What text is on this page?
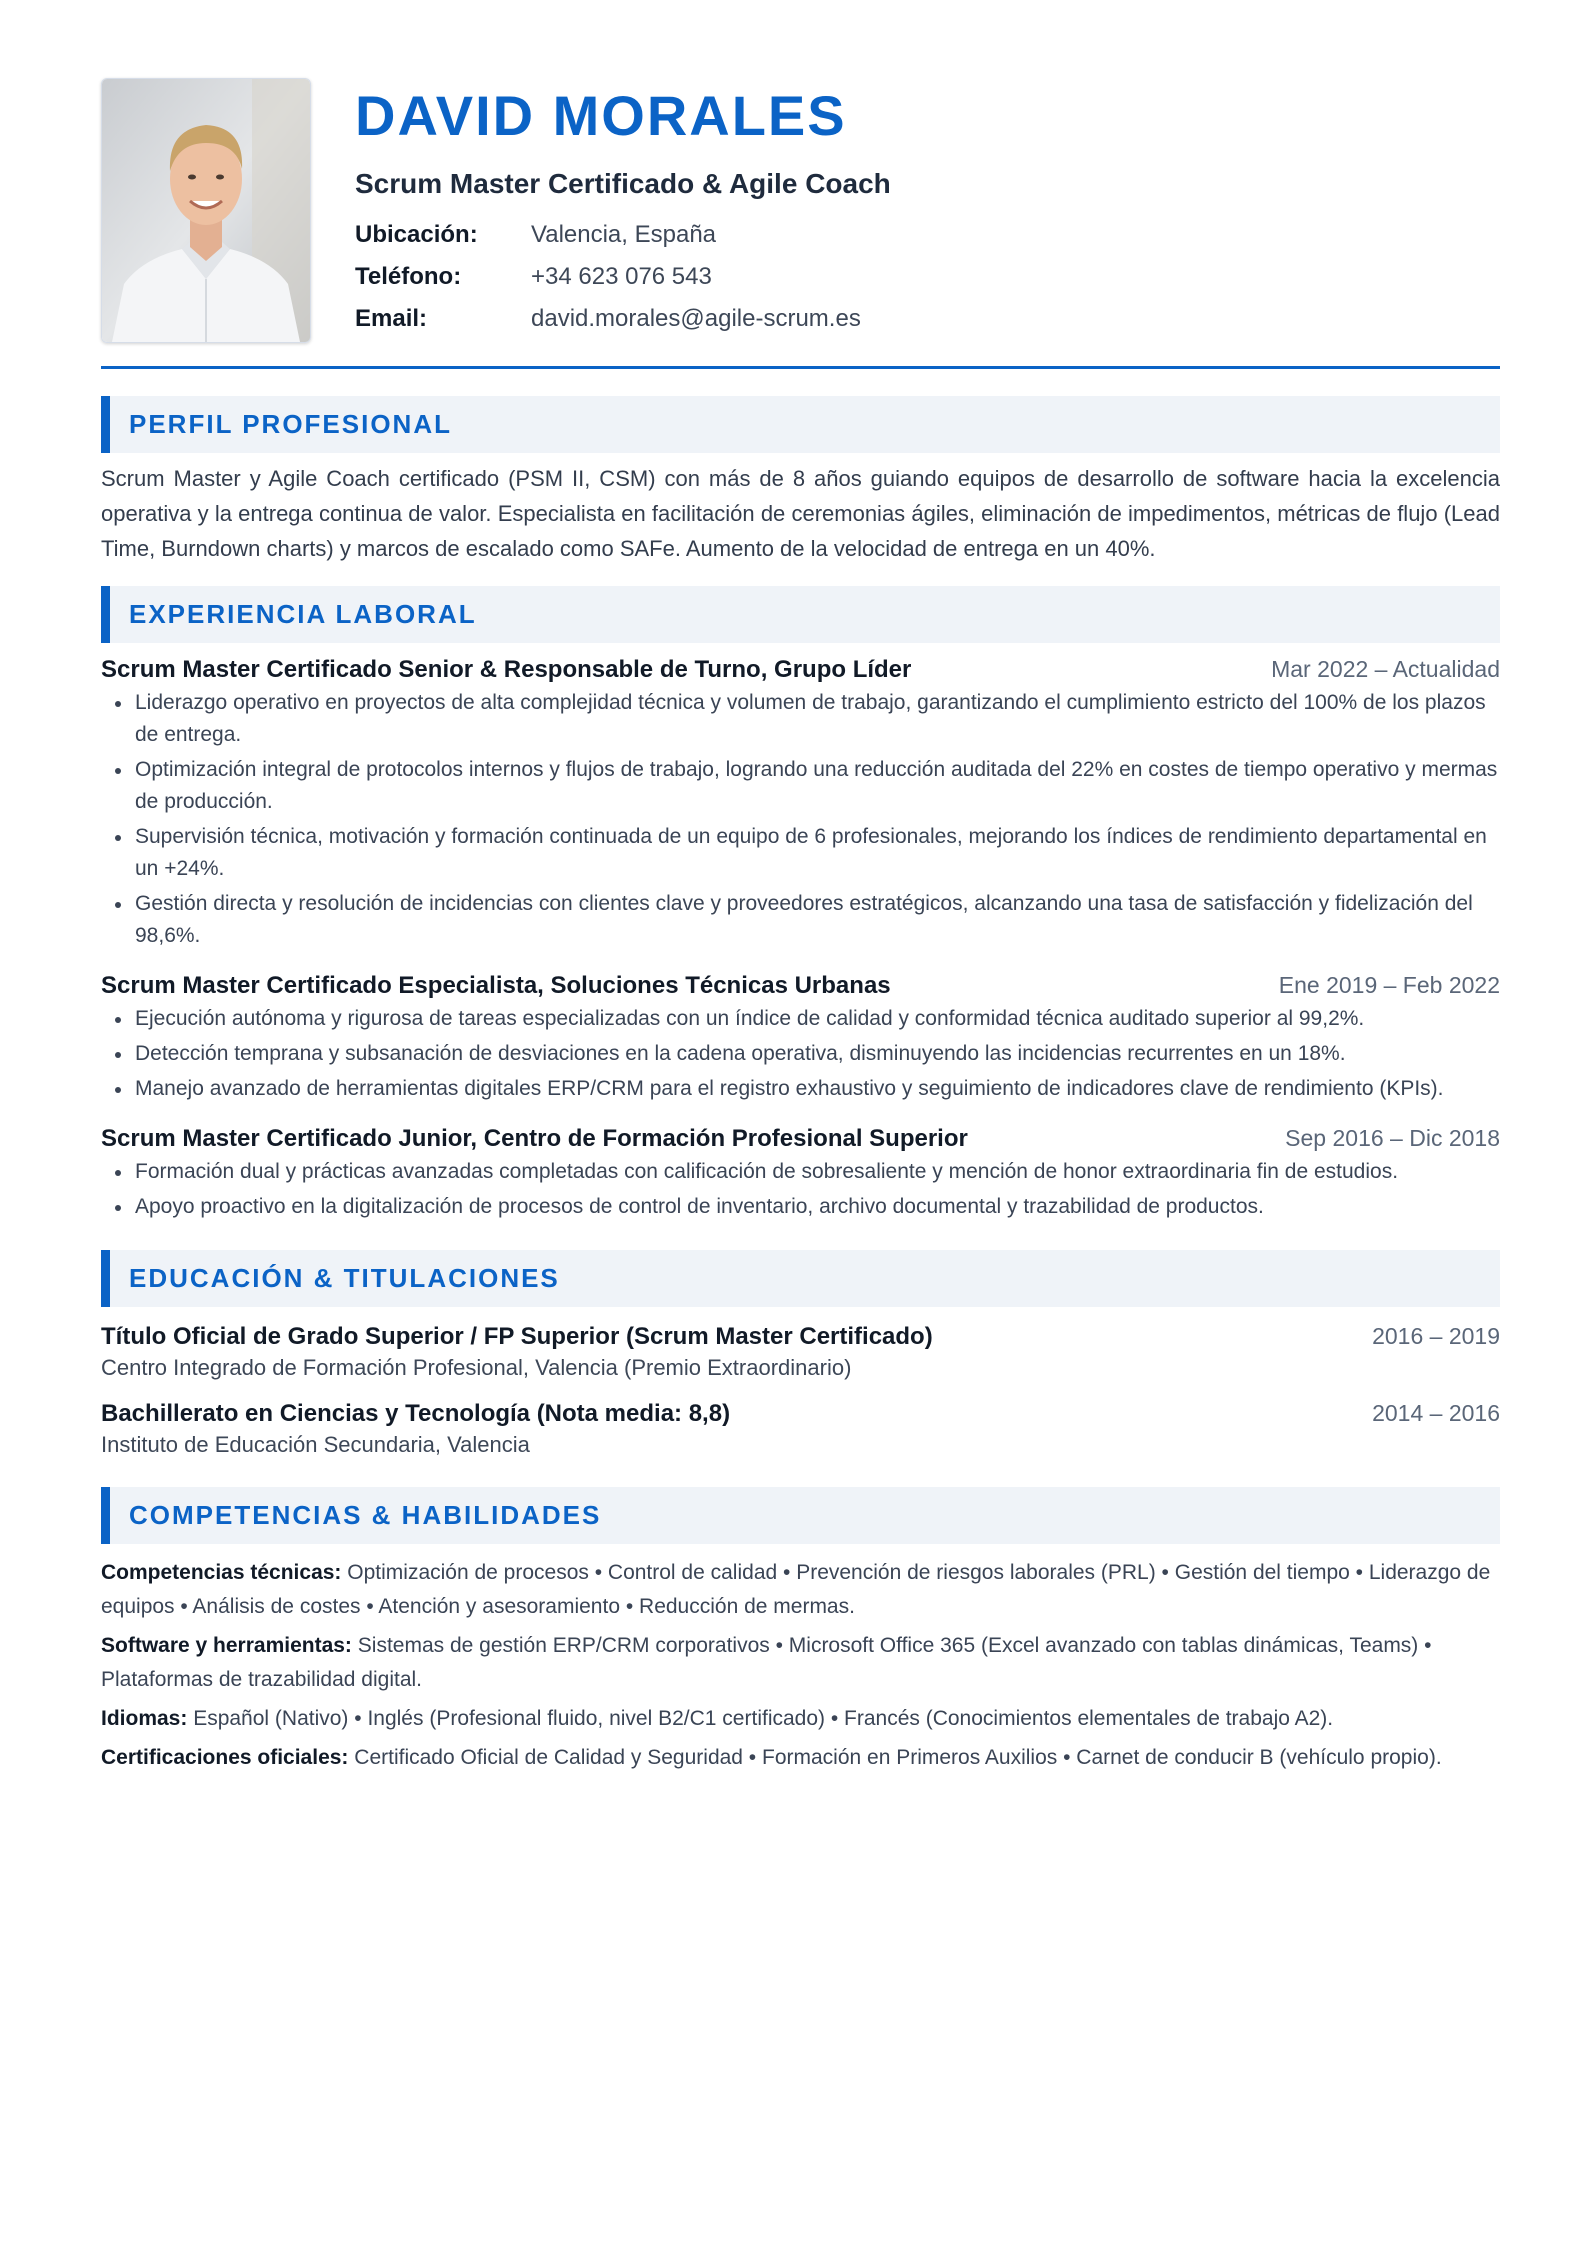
DAVID MORALES
Scrum Master Certificado & Agile Coach
Ubicación:	Valencia, España
Teléfono:	+34 623 076 543
Email:	david.morales@agile-scrum.es
PERFIL PROFESIONAL
Scrum Master y Agile Coach certificado (PSM II, CSM) con más de 8 años guiando equipos de desarrollo de software hacia la excelencia operativa y la entrega continua de valor. Especialista en facilitación de ceremonias ágiles, eliminación de impedimentos, métricas de flujo (Lead Time, Burndown charts) y marcos de escalado como SAFe. Aumento de la velocidad de entrega en un 40%.
EXPERIENCIA LABORAL
Scrum Master Certificado Senior & Responsable de Turno, Grupo Líder	Mar 2022 – Actualidad
Liderazgo operativo en proyectos de alta complejidad técnica y volumen de trabajo, garantizando el cumplimiento estricto del 100% de los plazos de entrega.
Optimización integral de protocolos internos y flujos de trabajo, logrando una reducción auditada del 22% en costes de tiempo operativo y mermas de producción.
Supervisión técnica, motivación y formación continuada de un equipo de 6 profesionales, mejorando los índices de rendimiento departamental en un +24%.
Gestión directa y resolución de incidencias con clientes clave y proveedores estratégicos, alcanzando una tasa de satisfacción y fidelización del 98,6%.
Scrum Master Certificado Especialista, Soluciones Técnicas Urbanas	Ene 2019 – Feb 2022
Ejecución autónoma y rigurosa de tareas especializadas con un índice de calidad y conformidad técnica auditado superior al 99,2%.
Detección temprana y subsanación de desviaciones en la cadena operativa, disminuyendo las incidencias recurrentes en un 18%.
Manejo avanzado de herramientas digitales ERP/CRM para el registro exhaustivo y seguimiento de indicadores clave de rendimiento (KPIs).
Scrum Master Certificado Junior, Centro de Formación Profesional Superior	Sep 2016 – Dic 2018
Formación dual y prácticas avanzadas completadas con calificación de sobresaliente y mención de honor extraordinaria fin de estudios.
Apoyo proactivo en la digitalización de procesos de control de inventario, archivo documental y trazabilidad de productos.
EDUCACIÓN & TITULACIONES
Título Oficial de Grado Superior / FP Superior (Scrum Master Certificado)	2016 – 2019
Centro Integrado de Formación Profesional, Valencia (Premio Extraordinario)
Bachillerato en Ciencias y Tecnología (Nota media: 8,8)	2014 – 2016
Instituto de Educación Secundaria, Valencia
COMPETENCIAS & HABILIDADES
Competencias técnicas: Optimización de procesos • Control de calidad • Prevención de riesgos laborales (PRL) • Gestión del tiempo • Liderazgo de equipos • Análisis de costes • Atención y asesoramiento • Reducción de mermas.
Software y herramientas: Sistemas de gestión ERP/CRM corporativos • Microsoft Office 365 (Excel avanzado con tablas dinámicas, Teams) • Plataformas de trazabilidad digital.
Idiomas: Español (Nativo) • Inglés (Profesional fluido, nivel B2/C1 certificado) • Francés (Conocimientos elementales de trabajo A2).
Certificaciones oficiales: Certificado Oficial de Calidad y Seguridad • Formación en Primeros Auxilios • Carnet de conducir B (vehículo propio).
